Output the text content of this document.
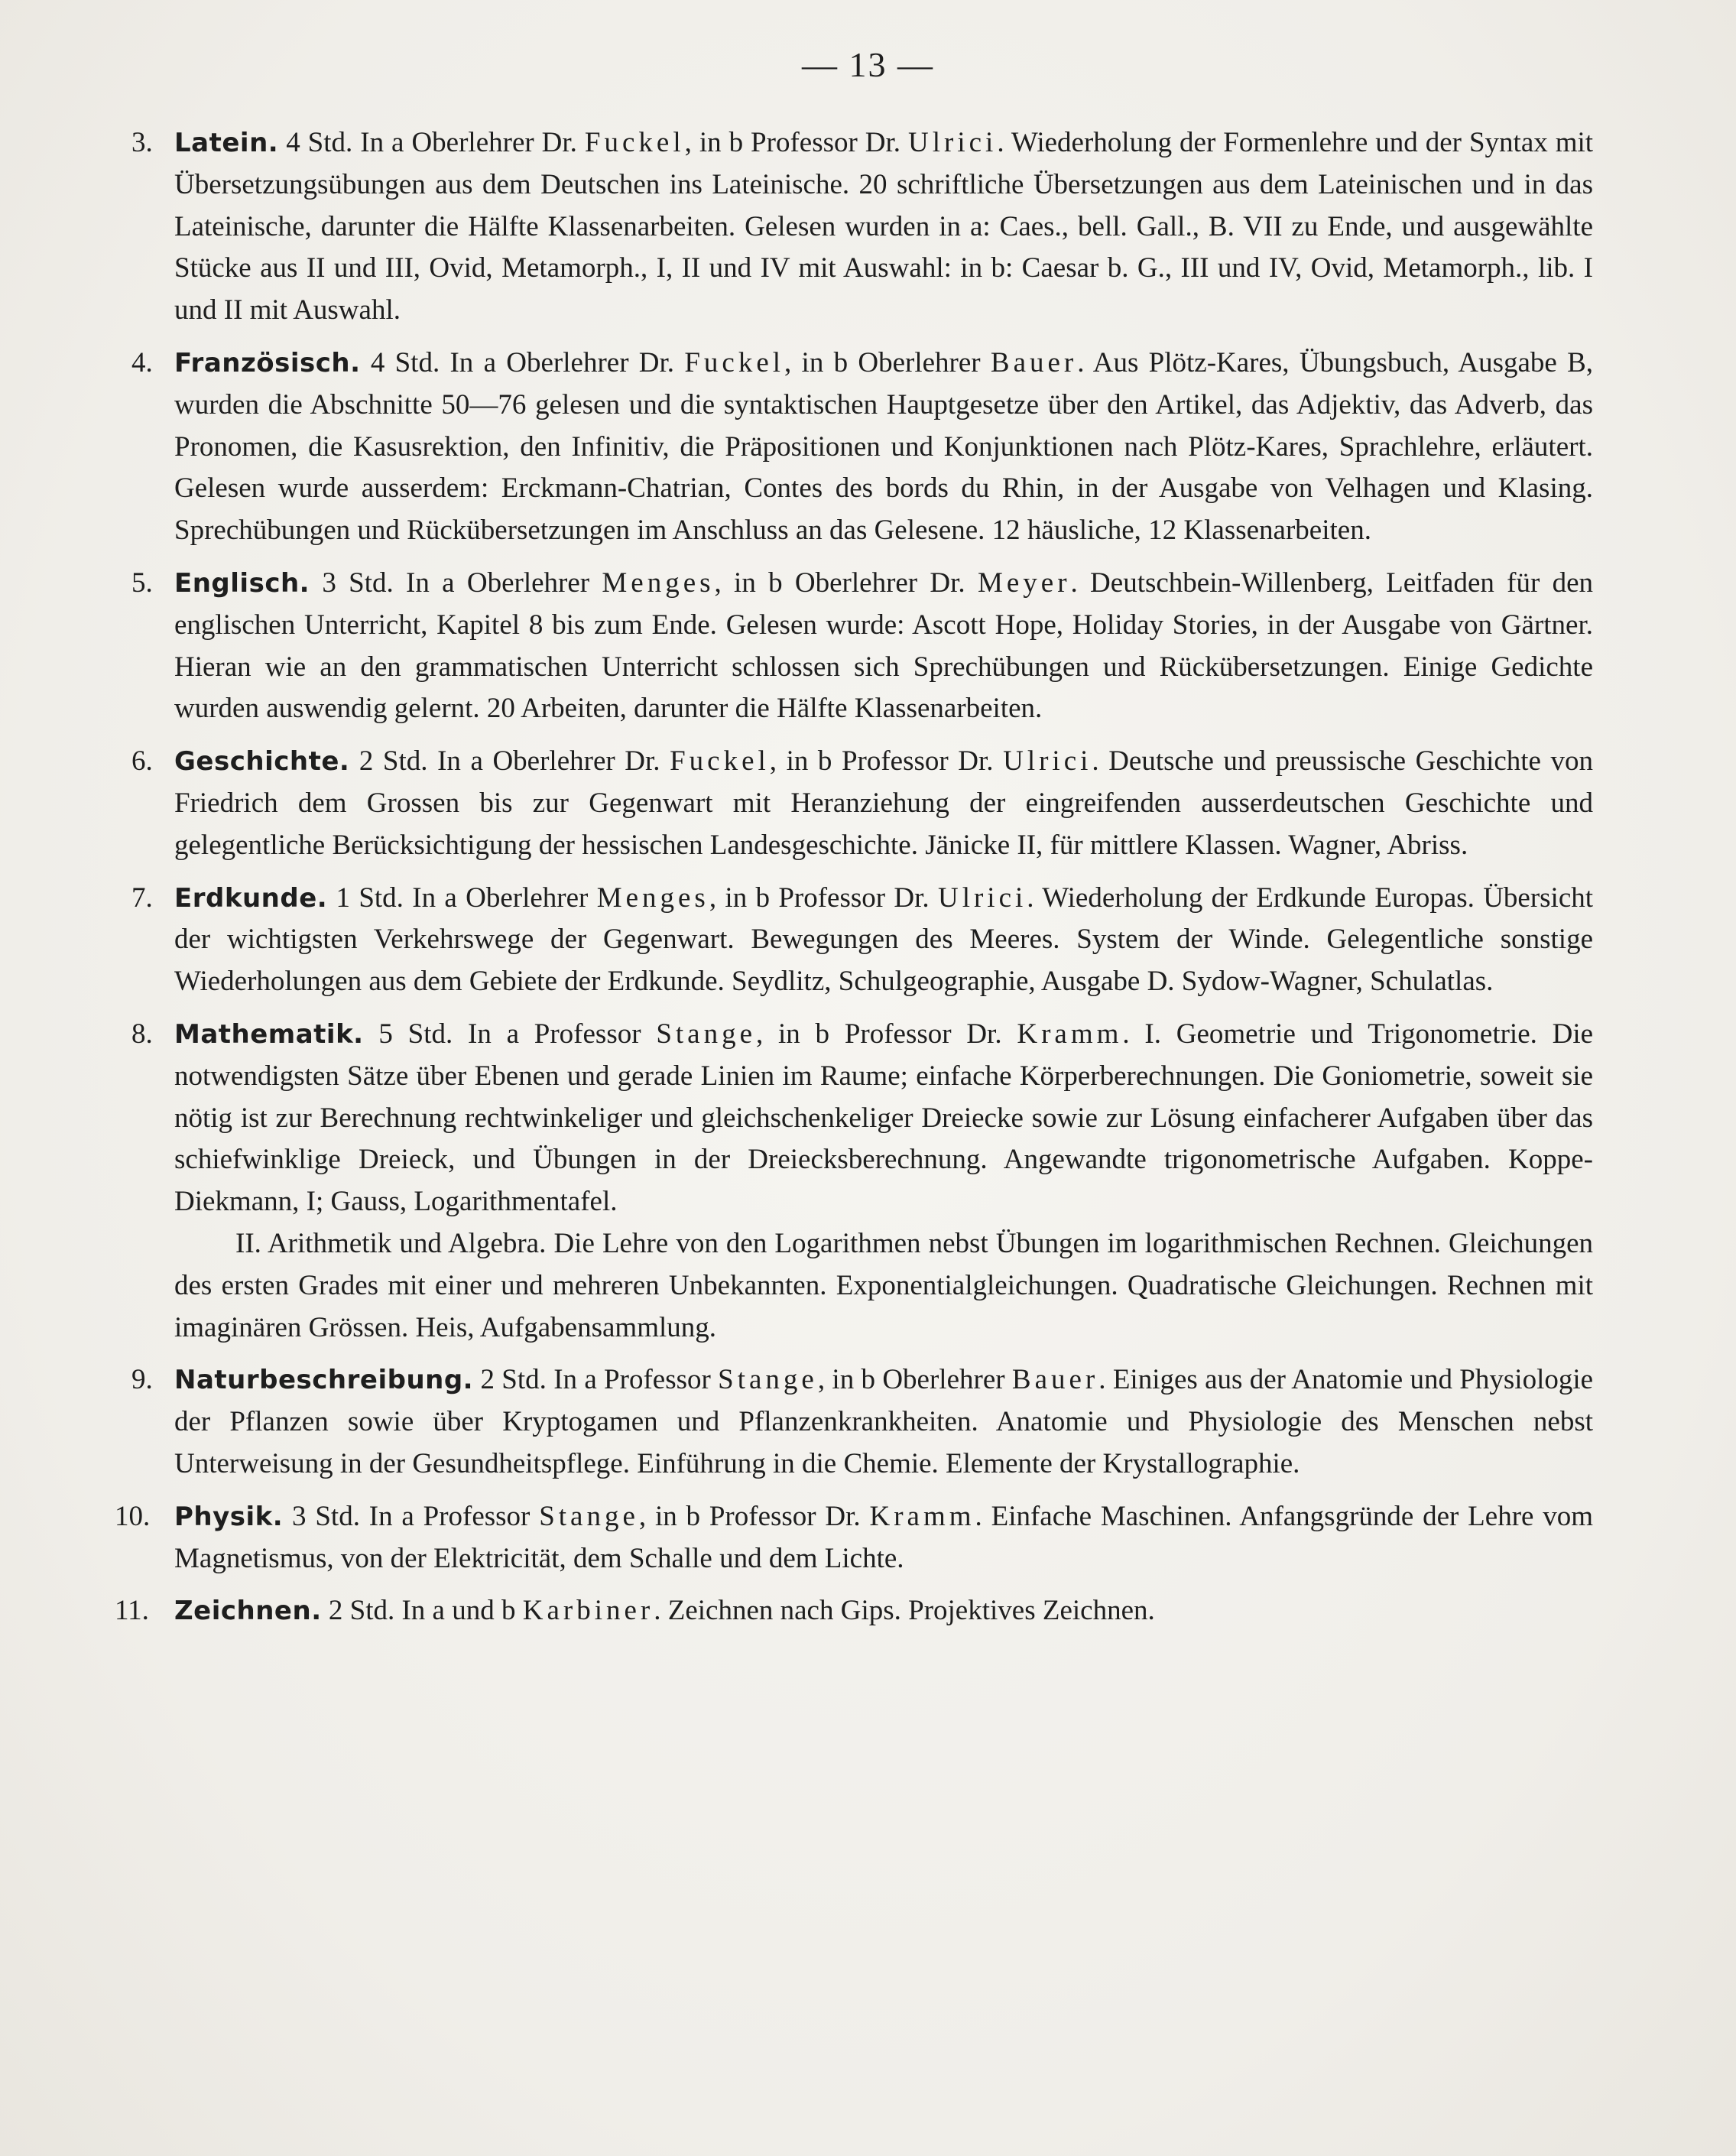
— 13 —
3. Latein. 4 Std. In a Oberlehrer Dr. Fuckel, in b Professor Dr. Ulrici. Wiederholung der Formenlehre und der Syntax mit Übersetzungsübungen aus dem Deutschen ins Lateinische. 20 schriftliche Übersetzungen aus dem Lateinischen und in das Lateinische, darunter die Hälfte Klassenarbeiten. Gelesen wurden in a: Caes., bell. Gall., B. VII zu Ende, und ausgewählte Stücke aus II und III, Ovid, Metamorph., I, II und IV mit Auswahl: in b: Caesar b. G., III und IV, Ovid, Metamorph., lib. I und II mit Auswahl.
4. Französisch. 4 Std. In a Oberlehrer Dr. Fuckel, in b Oberlehrer Bauer. Aus Plötz-Kares, Übungsbuch, Ausgabe B, wurden die Abschnitte 50—76 gelesen und die syntaktischen Hauptgesetze über den Artikel, das Adjektiv, das Adverb, das Pronomen, die Kasusrektion, den Infinitiv, die Präpositionen und Konjunktionen nach Plötz-Kares, Sprachlehre, erläutert. Gelesen wurde ausserdem: Erckmann-Chatrian, Contes des bords du Rhin, in der Ausgabe von Velhagen und Klasing. Sprechübungen und Rückübersetzungen im Anschluss an das Gelesene. 12 häusliche, 12 Klassenarbeiten.
5. Englisch. 3 Std. In a Oberlehrer Menges, in b Oberlehrer Dr. Meyer. Deutschbein-Willenberg, Leitfaden für den englischen Unterricht, Kapitel 8 bis zum Ende. Gelesen wurde: Ascott Hope, Holiday Stories, in der Ausgabe von Gärtner. Hieran wie an den grammatischen Unterricht schlossen sich Sprechübungen und Rückübersetzungen. Einige Gedichte wurden auswendig gelernt. 20 Arbeiten, darunter die Hälfte Klassenarbeiten.
6. Geschichte. 2 Std. In a Oberlehrer Dr. Fuckel, in b Professor Dr. Ulrici. Deutsche und preussische Geschichte von Friedrich dem Grossen bis zur Gegenwart mit Heranziehung der eingreifenden ausserdeutschen Geschichte und gelegentliche Berücksichtigung der hessischen Landesgeschichte. Jänicke II, für mittlere Klassen. Wagner, Abriss.
7. Erdkunde. 1 Std. In a Oberlehrer Menges, in b Professor Dr. Ulrici. Wiederholung der Erdkunde Europas. Übersicht der wichtigsten Verkehrswege der Gegenwart. Bewegungen des Meeres. System der Winde. Gelegentliche sonstige Wiederholungen aus dem Gebiete der Erdkunde. Seydlitz, Schulgeographie, Ausgabe D. Sydow-Wagner, Schulatlas.
8. Mathematik. 5 Std. In a Professor Stange, in b Professor Dr. Kramm. I. Geometrie und Trigonometrie. Die notwendigsten Sätze über Ebenen und gerade Linien im Raume; einfache Körperberechnungen. Die Goniometrie, soweit sie nötig ist zur Berechnung rechtwinkeliger und gleichschenkeliger Dreiecke sowie zur Lösung einfacherer Aufgaben über das schiefwinklige Dreieck, und Übungen in der Dreiecksberechnung. Angewandte trigonometrische Aufgaben. Koppe-Diekmann, I; Gauss, Logarithmentafel.
II. Arithmetik und Algebra. Die Lehre von den Logarithmen nebst Übungen im logarithmischen Rechnen. Gleichungen des ersten Grades mit einer und mehreren Unbekannten. Exponentialgleichungen. Quadratische Gleichungen. Rechnen mit imaginären Grössen. Heis, Aufgabensammlung.
9. Naturbeschreibung. 2 Std. In a Professor Stange, in b Oberlehrer Bauer. Einiges aus der Anatomie und Physiologie der Pflanzen sowie über Kryptogamen und Pflanzenkrankheiten. Anatomie und Physiologie des Menschen nebst Unterweisung in der Gesundheitspflege. Einführung in die Chemie. Elemente der Krystallographie.
10. Physik. 3 Std. In a Professor Stange, in b Professor Dr. Kramm. Einfache Maschinen. Anfangsgründe der Lehre vom Magnetismus, von der Elektricität, dem Schalle und dem Lichte.
11. Zeichnen. 2 Std. In a und b Karbiner. Zeichnen nach Gips. Projektives Zeichnen.
